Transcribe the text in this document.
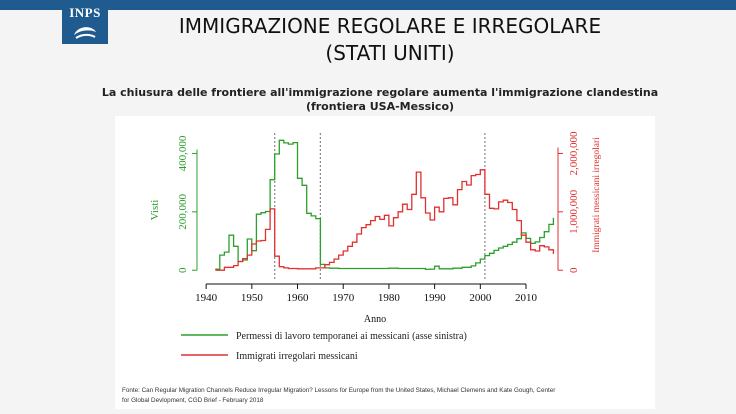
INPS
IMMIGRAZIONE REGOLARE E IRREGOLARE
(STATI UNITI)
La chiusura delle frontiere all'immigrazione regolare aumenta l'immigrazione clandestina
(frontiera USA-Messico)
0
200,000
400,000
0
1,000,000
2,000,000
1940 1950 1960 1970 1980 1990 2000 2010
Anno
Visti	Immigrati messicani irregolari
Permessi di lavoro temporanei ai messicani (asse sinistra)
Immigrati irregolari messicani
Fonte: Can Regular Migration Channels Reduce Irregular Migration? Lessons for Europe from the United States, Michael Clemens and Kate Gough, Center
for Global Devlopment, CGD Brief - February 2018
